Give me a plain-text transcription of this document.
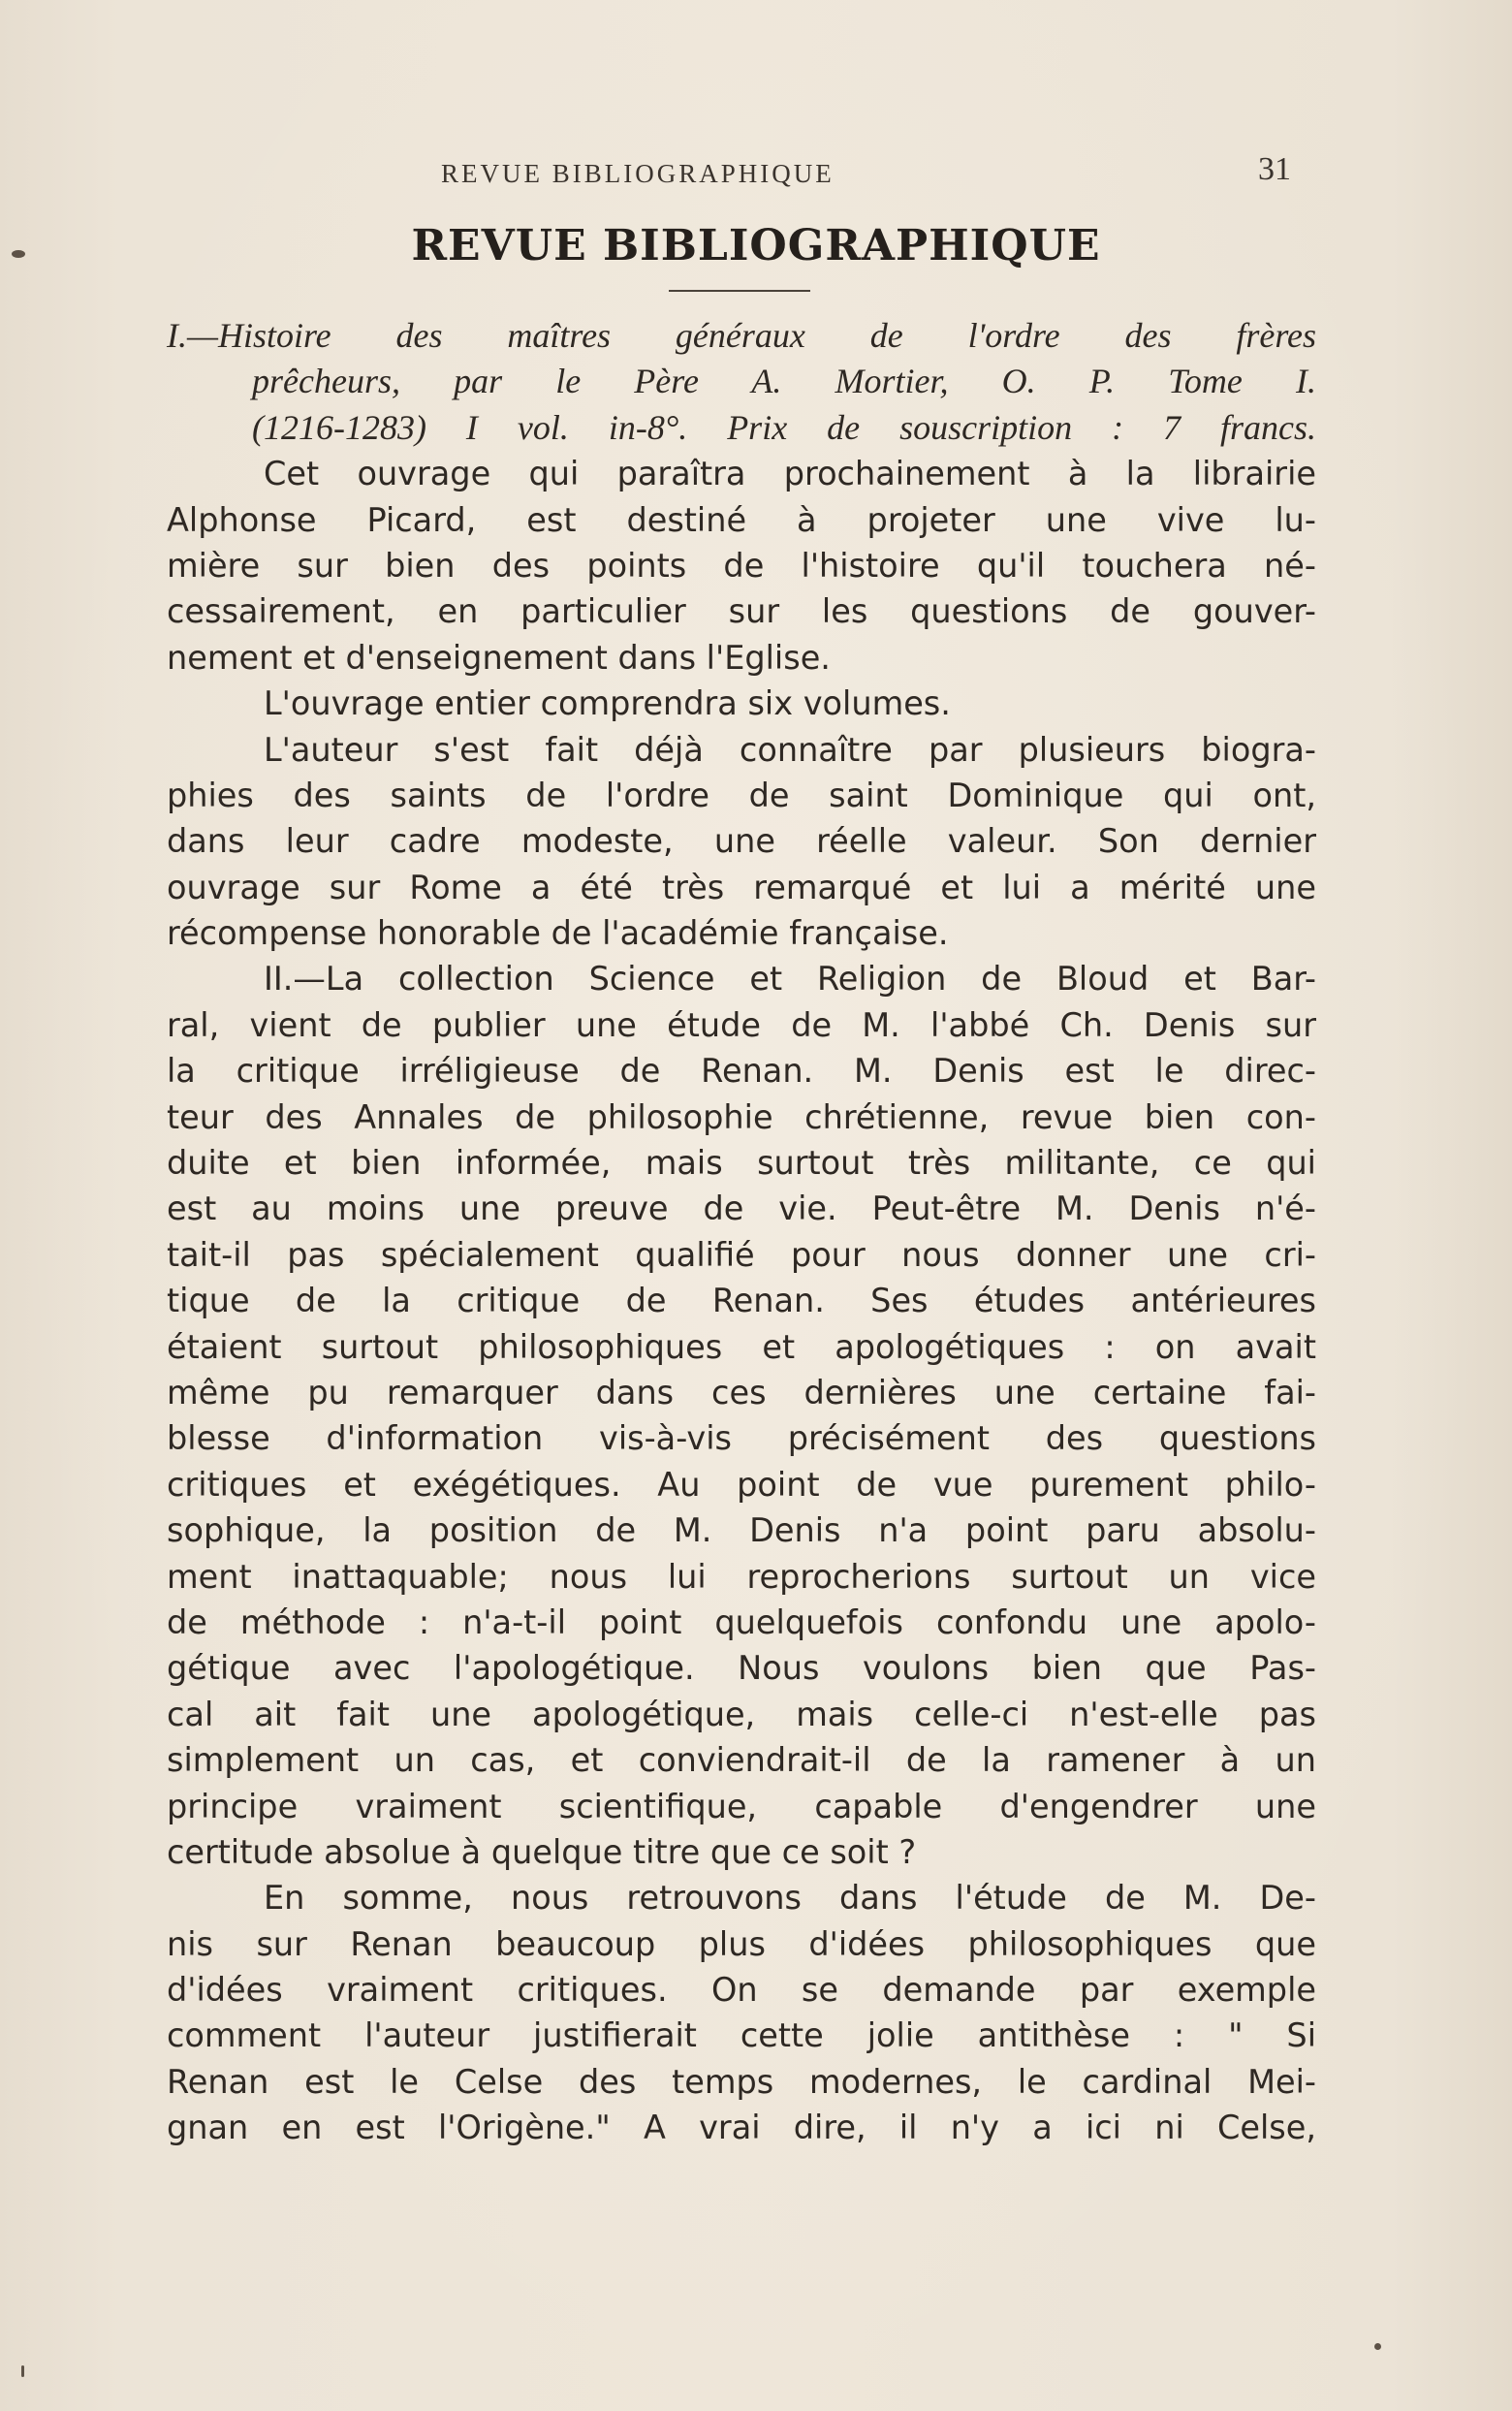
REVUE BIBLIOGRAPHIQUE	31
REVUE BIBLIOGRAPHIQUE
I.—Histoire des maîtres généraux de l'ordre des frères
prêcheurs, par le Père A. Mortier, O. P. Tome I.
(1216-1283) I vol. in-8°. Prix de souscription : 7 francs.
Cet ouvrage qui paraîtra prochainement à la librairie
Alphonse Picard, est destiné à projeter une vive lu-
mière sur bien des points de l'histoire qu'il touchera né-
cessairement, en particulier sur les questions de gouver-
nement et d'enseignement dans l'Eglise.
L'ouvrage entier comprendra six volumes.
L'auteur s'est fait déjà connaître par plusieurs biogra-
phies des saints de l'ordre de saint Dominique qui ont,
dans leur cadre modeste, une réelle valeur. Son dernier
ouvrage sur Rome a été très remarqué et lui a mérité une
récompense honorable de l'académie française.
II.—La collection Science et Religion de Bloud et Bar-
ral, vient de publier une étude de M. l'abbé Ch. Denis sur
la critique irréligieuse de Renan. M. Denis est le direc-
teur des Annales de philosophie chrétienne, revue bien con-
duite et bien informée, mais surtout très militante, ce qui
est au moins une preuve de vie. Peut-être M. Denis n'é-
tait-il pas spécialement qualifié pour nous donner une cri-
tique de la critique de Renan. Ses études antérieures
étaient surtout philosophiques et apologétiques : on avait
même pu remarquer dans ces dernières une certaine fai-
blesse d'information vis-à-vis précisément des questions
critiques et exégétiques. Au point de vue purement philo-
sophique, la position de M. Denis n'a point paru absolu-
ment inattaquable; nous lui reprocherions surtout un vice
de méthode : n'a-t-il point quelquefois confondu une apolo-
gétique avec l'apologétique. Nous voulons bien que Pas-
cal ait fait une apologétique, mais celle-ci n'est-elle pas
simplement un cas, et conviendrait-il de la ramener à un
principe vraiment scientifique, capable d'engendrer une
certitude absolue à quelque titre que ce soit ?
En somme, nous retrouvons dans l'étude de M. De-
nis sur Renan beaucoup plus d'idées philosophiques que
d'idées vraiment critiques. On se demande par exemple
comment l'auteur justifierait cette jolie antithèse : " Si
Renan est le Celse des temps modernes, le cardinal Mei-
gnan en est l'Origène." A vrai dire, il n'y a ici ni Celse,
